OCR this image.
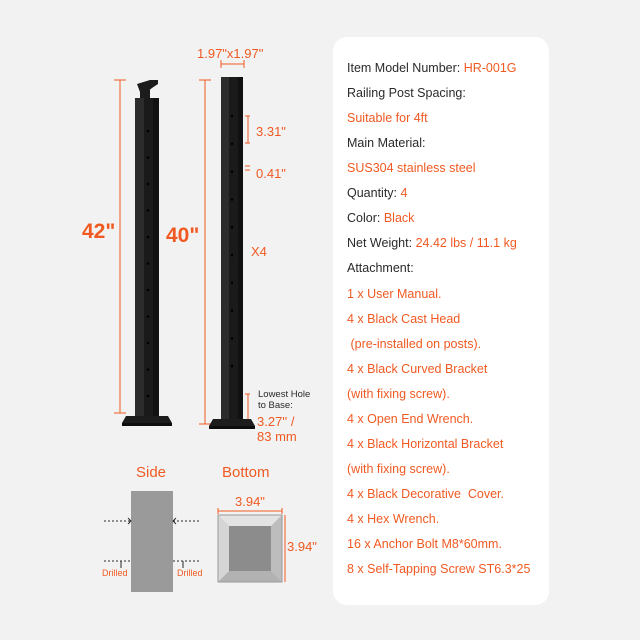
42" 40"
1.97"x1.97"
3.31"
0.41"
X4
Lowest Hole
to Base:
3.27'' /
83 mm
Side	Bottom
Drilled	Drilled
3.94"
3.94"
Item Model Number: HR-001G
Railing Post Spacing:
Suitable for 4ft
Main Material:
SUS304 stainless steel
Quantity: 4
Color: Black
Net Weight: 24.42 lbs / 11.1 kg
Attachment:
1 x User Manual.
4 x Black Cast Head
(pre-installed on posts).
4 x Black Curved Bracket
(with fixing screw).
4 x Open End Wrench.
4 x Black Horizontal Bracket
(with fixing screw).
4 x Black Decorative  Cover.
4 x Hex Wrench.
16 x Anchor Bolt M8*60mm.
8 x Self-Tapping Screw ST6.3*25
